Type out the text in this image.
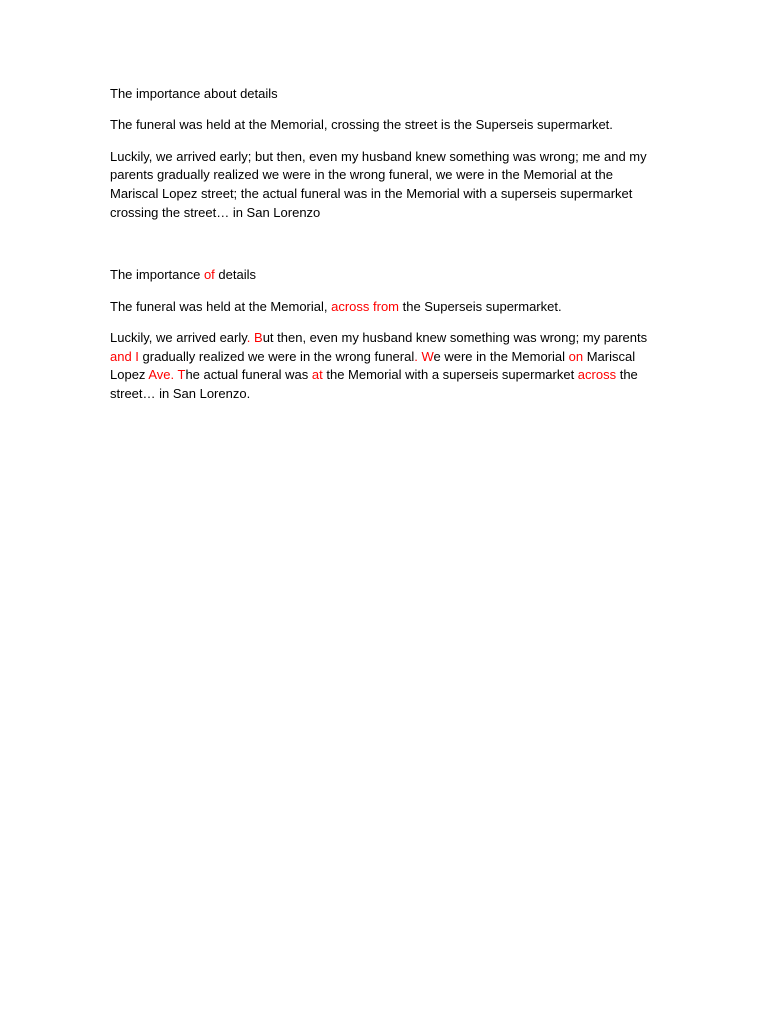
The importance about details

The funeral was held at the Memorial, crossing the street is the Superseis supermarket.

Luckily, we arrived early; but then, even my husband knew something was wrong; me and my parents gradually realized we were in the wrong funeral, we were in the Memorial at the Mariscal Lopez street; the actual funeral was in the Memorial with a superseis supermarket crossing the street… in San Lorenzo

The importance of details

The funeral was held at the Memorial, across from the Superseis supermarket.

Luckily, we arrived early. But then, even my husband knew something was wrong; my parents and I gradually realized we were in the wrong funeral. We were in the Memorial on Mariscal Lopez Ave. The actual funeral was at the Memorial with a superseis supermarket across the street… in San Lorenzo.
